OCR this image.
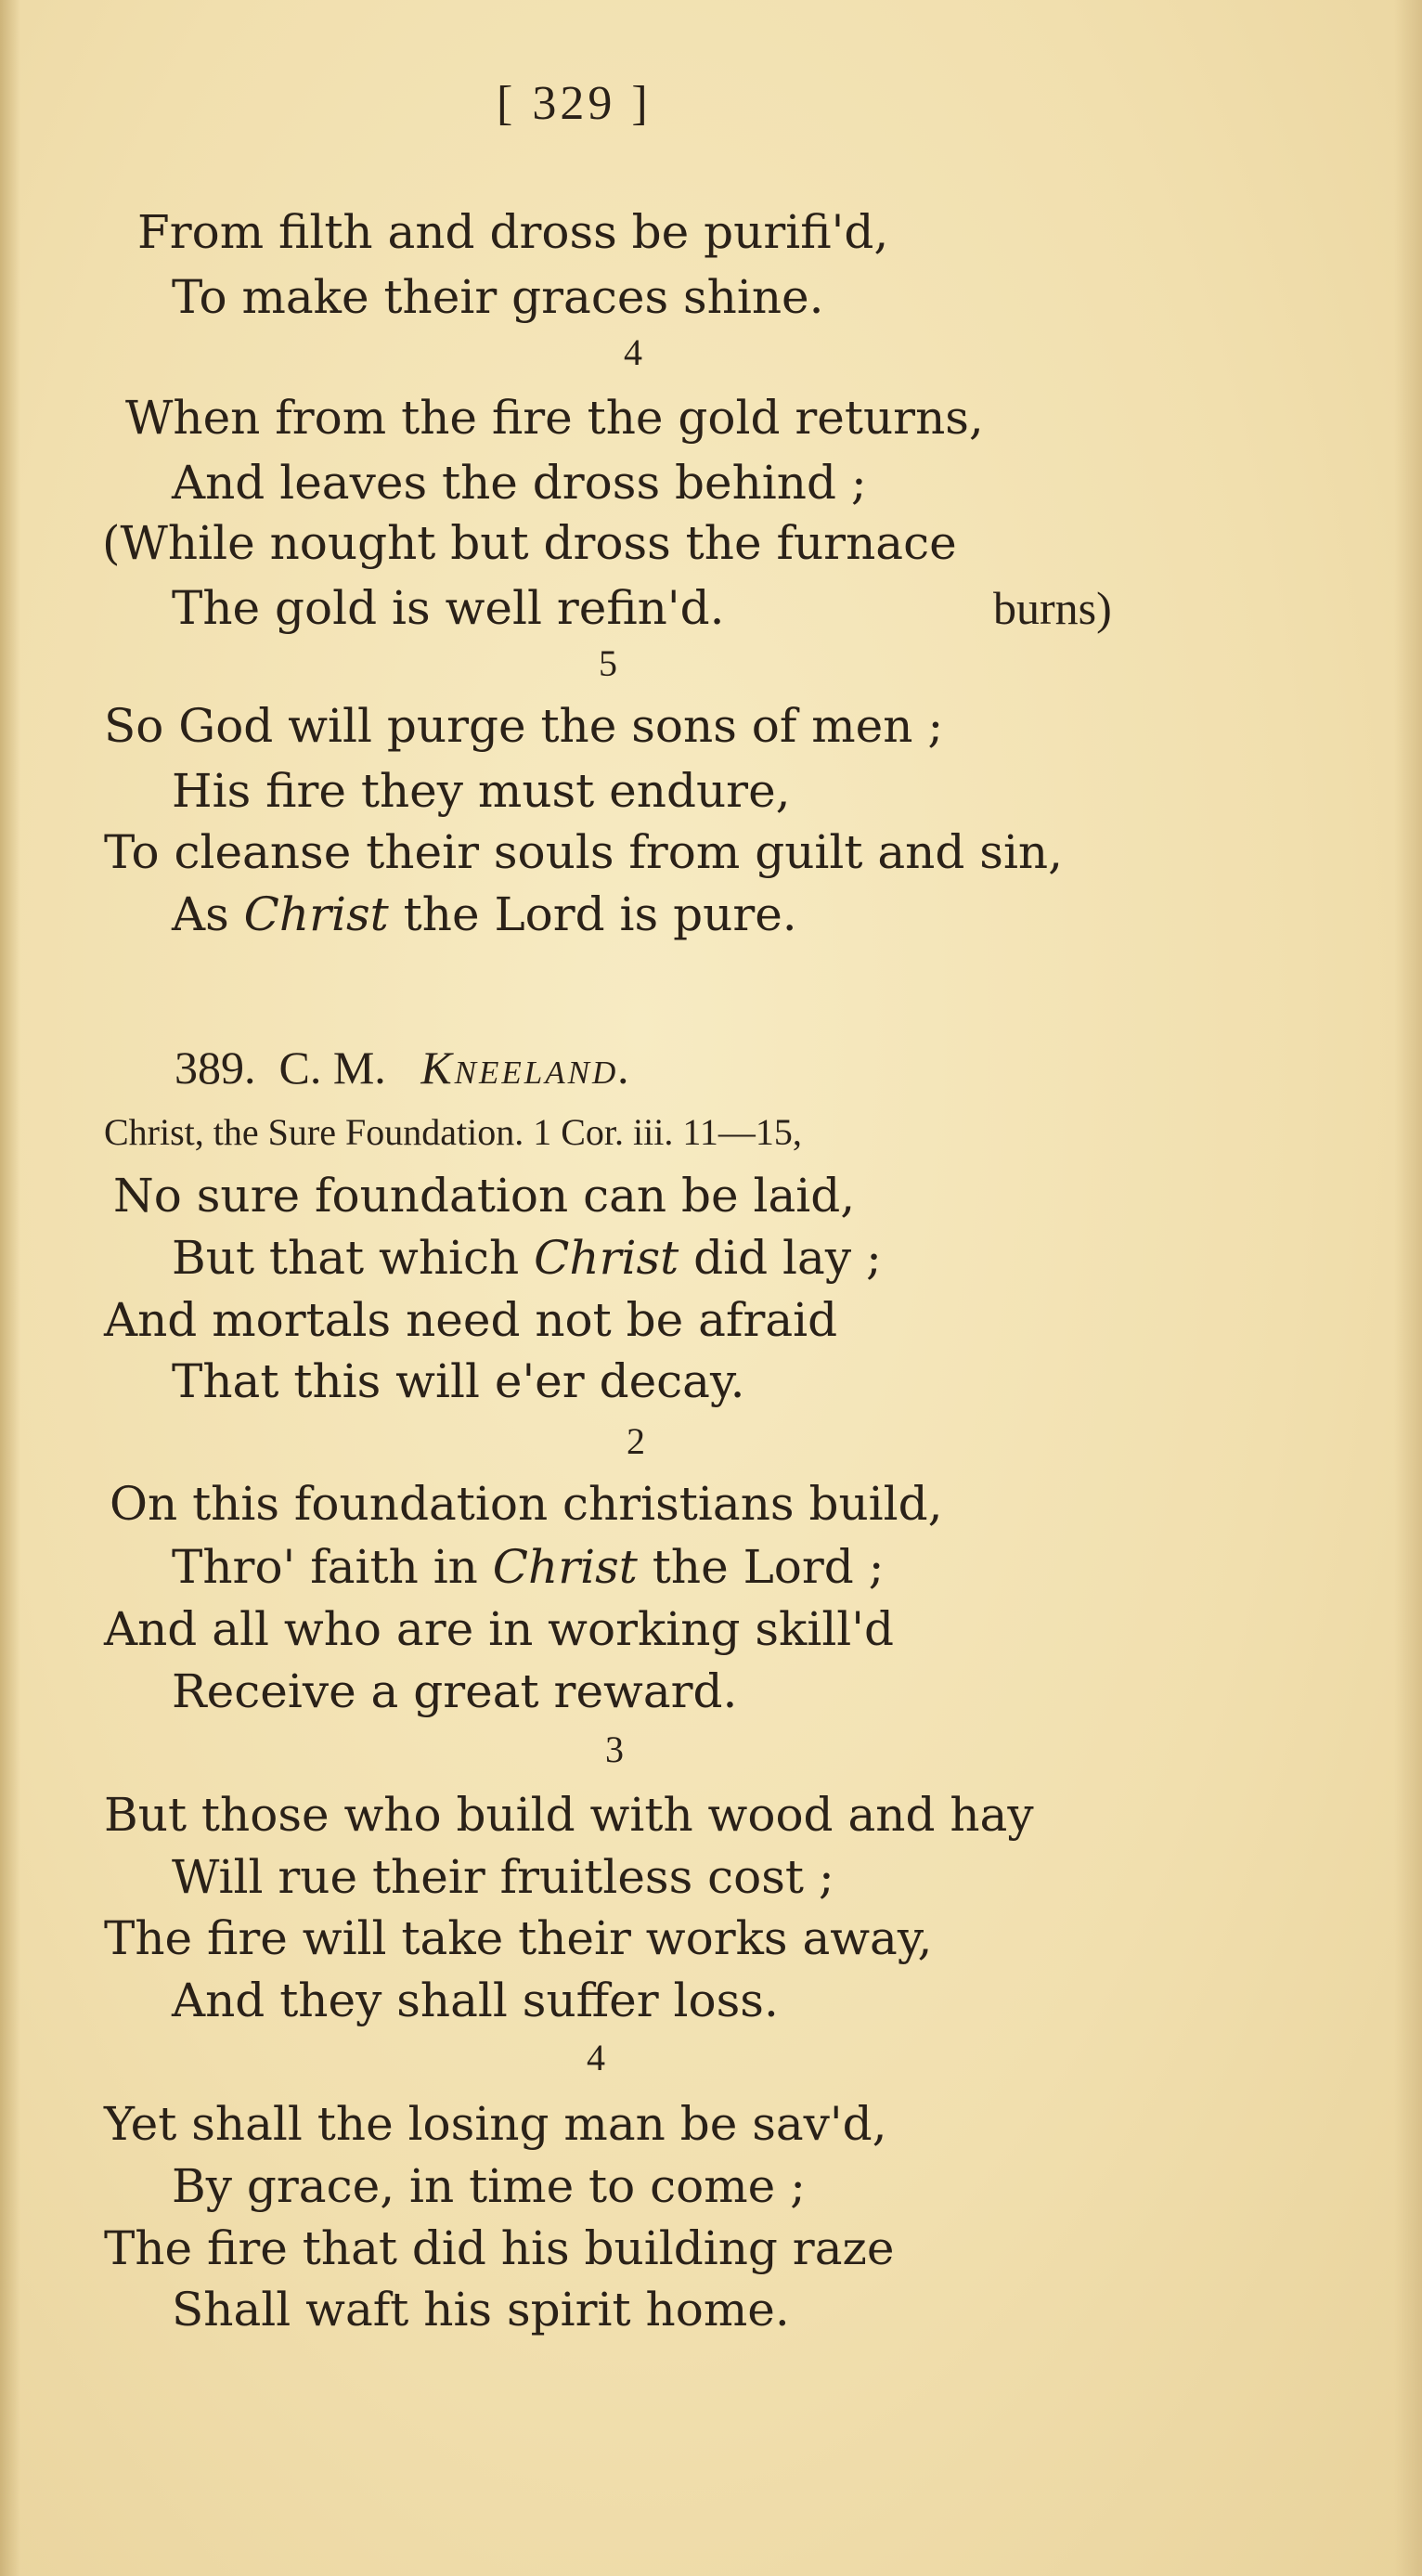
[ 329 ]
From filth and dross be purifi'd,
To make their graces shine.
4
When from the fire the gold returns,
And leaves the dross behind ;
(While nought but dross the furnace
The gold is well refin'd.	burns)
5
So God will purge the sons of men ;
His fire they must endure,
To cleanse their souls from guilt and sin,
As Christ the Lord is pure.
389. C. M. Kneeland.
Christ, the Sure Foundation. 1 Cor. iii. 11—15,
No sure foundation can be laid,
But that which Christ did lay ;
And mortals need not be afraid
That this will e'er decay.
2
On this foundation christians build,
Thro' faith in Christ the Lord ;
And all who are in working skill'd
Receive a great reward.
3
But those who build with wood and hay
Will rue their fruitless cost ;
The fire will take their works away,
And they shall suffer loss.
4
Yet shall the losing man be sav'd,
By grace, in time to come ;
The fire that did his building raze
Shall waft his spirit home.
